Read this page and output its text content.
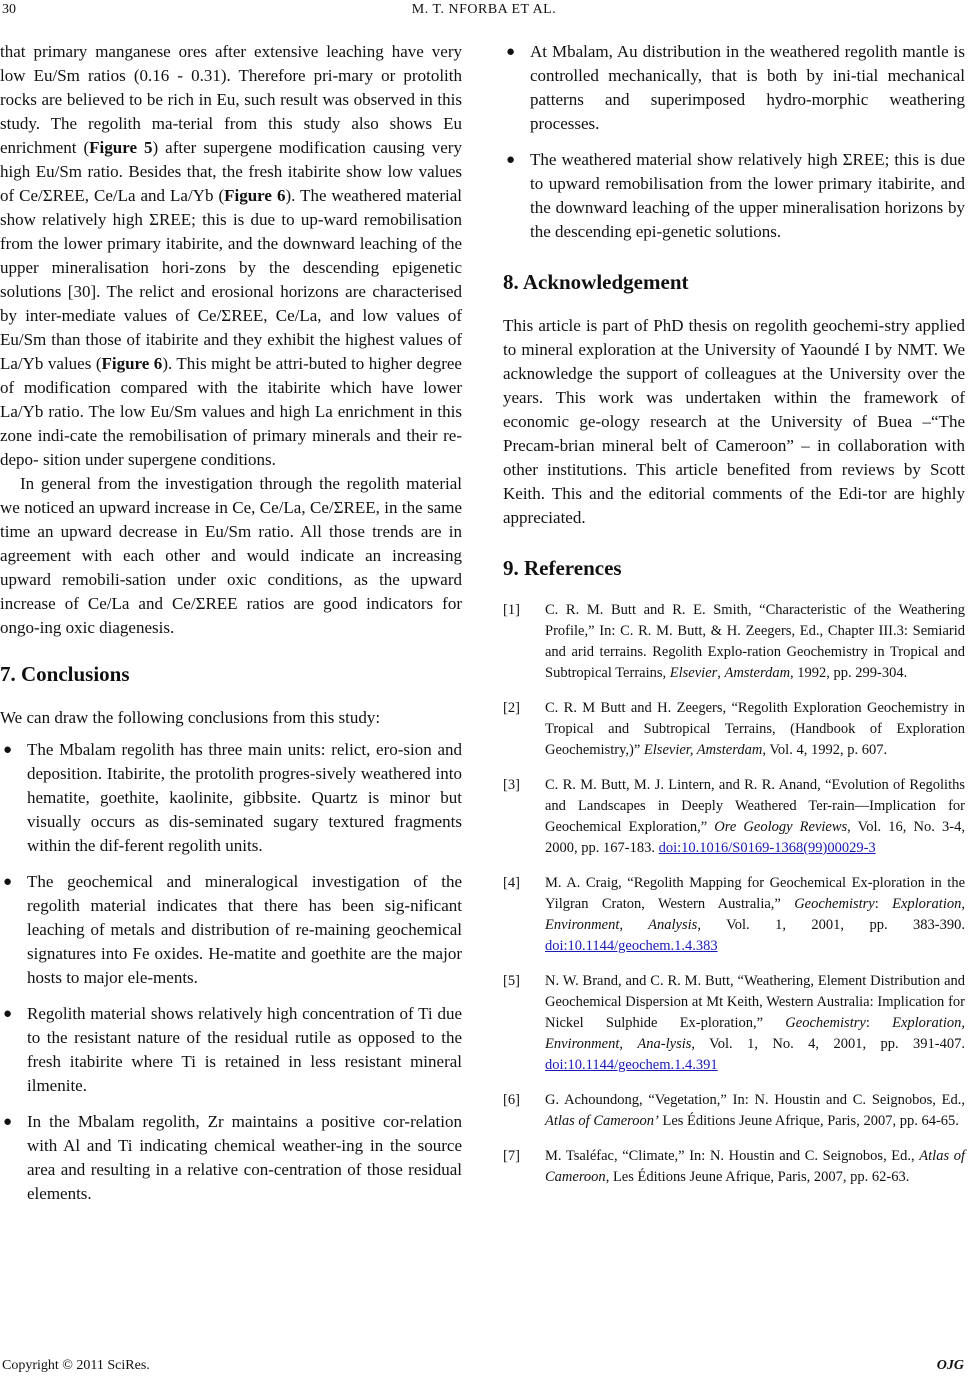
30	M. T. NFORBA ET AL.

that primary manganese ores after extensive leaching have very low Eu/Sm ratios (0.16 - 0.31). Therefore pri-mary or protolith rocks are believed to be rich in Eu, such result was observed in this study. The regolith ma-terial from this study also shows Eu enrichment (Figure 5) after supergene modification causing very high Eu/Sm ratio. Besides that, the fresh itabirite show low values of Ce/ΣREE, Ce/La and La/Yb (Figure 6). The weathered material show relatively high ΣREE; this is due to up-ward remobilisation from the lower primary itabirite, and the downward leaching of the upper mineralisation hori-zons by the descending epigenetic solutions [30]. The relict and erosional horizons are characterised by inter-mediate values of Ce/ΣREE, Ce/La, and low values of Eu/Sm than those of itabirite and they exhibit the highest values of La/Yb values (Figure 6). This might be attri-buted to higher degree of modification compared with the itabirite which have lower La/Yb ratio. The low Eu/Sm values and high La enrichment in this zone indi-cate the remobilisation of primary minerals and their re-depo- sition under supergene conditions.

In general from the investigation through the regolith material we noticed an upward increase in Ce, Ce/La, Ce/ΣREE, in the same time an upward decrease in Eu/Sm ratio. All those trends are in agreement with each other and would indicate an increasing upward remobili-sation under oxic conditions, as the upward increase of Ce/La and Ce/ΣREE ratios are good indicators for ongo-ing oxic diagenesis.

7. Conclusions

We can draw the following conclusions from this study:

● The Mbalam regolith has three main units: relict, ero-sion and deposition. Itabirite, the protolith progres-sively weathered into hematite, goethite, kaolinite, gibbsite. Quartz is minor but visually occurs as dis-seminated sugary textured fragments within the dif-ferent regolith units.
● The geochemical and mineralogical investigation of the regolith material indicates that there has been sig-nificant leaching of metals and distribution of re-maining geochemical signatures into Fe oxides. He-matite and goethite are the major hosts to major ele-ments.
● Regolith material shows relatively high concentration of Ti due to the resistant nature of the residual rutile as opposed to the fresh itabirite where Ti is retained in less resistant mineral ilmenite.
● In the Mbalam regolith, Zr maintains a positive cor-relation with Al and Ti indicating chemical weather-ing in the source area and resulting in a relative con-centration of those residual elements.
● At Mbalam, Au distribution in the weathered regolith mantle is controlled mechanically, that is both by ini-tial mechanical patterns and superimposed hydro-morphic weathering processes.
● The weathered material show relatively high ΣREE; this is due to upward remobilisation from the lower primary itabirite, and the downward leaching of the upper mineralisation horizons by the descending epi-genetic solutions.
8. Acknowledgement

This article is part of PhD thesis on regolith geochemi-stry applied to mineral exploration at the University of Yaoundé I by NMT. We acknowledge the support of colleagues at the University over the years. This work was undertaken within the framework of economic ge-ology research at the University of Buea –“The Precam-brian mineral belt of Cameroon” – in collaboration with other institutions. This article benefited from reviews by Scott Keith. This and the editorial comments of the Edi-tor are highly appreciated.

9. References
[1] C. R. M. Butt and R. E. Smith, “Characteristic of the Weathering Profile,” In: C. R. M. Butt, & H. Zeegers, Ed., Chapter III.3: Semiarid and arid terrains. Regolith Explo-ration Geochemistry in Tropical and Subtropical Terrains, Elsevier, Amsterdam, 1992, pp. 299-304.
[2] C. R. M Butt and H. Zeegers, “Regolith Exploration Geochemistry in Tropical and Subtropical Terrains, (Handbook of Exploration Geochemistry,)” Elsevier, Amsterdam, Vol. 4, 1992, p. 607.
[3] C. R. M. Butt, M. J. Lintern, and R. R. Anand, “Evolution of Regoliths and Landscapes in Deeply Weathered Ter-rain—Implication for Geochemical Exploration,” Ore Geology Reviews, Vol. 16, No. 3-4, 2000, pp. 167-183. doi:10.1016/S0169-1368(99)00029-3
[4] M. A. Craig, “Regolith Mapping for Geochemical Ex-ploration in the Yilgran Craton, Western Australia,” Geochemistry: Exploration, Environment, Analysis, Vol. 1, 2001, pp. 383-390. doi:10.1144/geochem.1.4.383
[5] N. W. Brand, and C. R. M. Butt, “Weathering, Element Distribution and Geochemical Dispersion at Mt Keith, Western Australia: Implication for Nickel Sulphide Ex-ploration,” Geochemistry: Exploration, Environment, Ana-lysis, Vol. 1, No. 4, 2001, pp. 391-407. doi:10.1144/geochem.1.4.391
[6] G. Achoundong, “Vegetation,” In: N. Houstin and C. Seignobos, Ed., Atlas of Cameroon’ Les Éditions Jeune Afrique, Paris, 2007, pp. 64-65.
[7] M. Tsaléfac, “Climate,” In: N. Houstin and C. Seignobos, Ed., Atlas of Cameroon, Les Éditions Jeune Afrique, Paris, 2007, pp. 62-63.
Copyright © 2011 SciRes.	OJG
